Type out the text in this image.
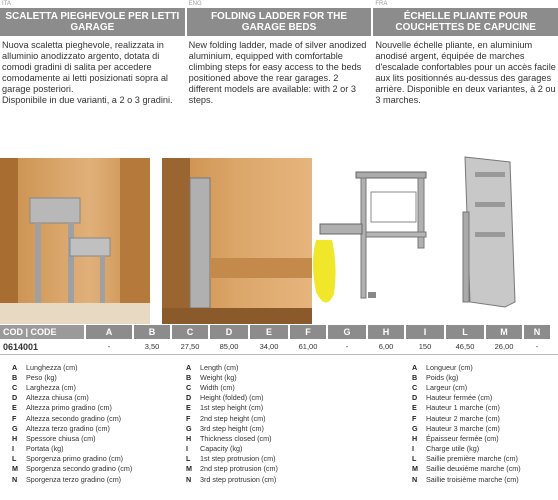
ITA
SCALETTA PIEGHEVOLE PER LETTI GARAGE

Nuova scaletta pieghevole, realizzata in alluminio anodizzato argento, dotata di comodi gradini di salita per accedere comodamente ai letti posizionati sopra al garage posteriori.

Disponibile in due varianti, a 2 o 3 gradini.

ENG
FOLDING LADDER FOR THE GARAGE BEDS

New folding ladder, made of silver anodized aluminium, equipped with comfortable climbing steps for easy access to the beds positioned above the rear garages. 2 different models are available: with 2 or 3 steps.

FRA
ÉCHELLE PLIANTE POUR COUCHETTES DE CAPUCINE

Nouvelle échelle pliante, en aluminium anodisé argent, équipée de marches d'escalade confortables pour un accès facile aux lits positionnés au-dessus des garages arrière. Disponible en deux variantes, à 2 ou 3 marches.

COD | CODE	A	B	C	D	E	F	G	H	I	L	M	N
0614001	-	3,50	27,50	85,00	34,00	61,00	-	6,00	150	46,50	26,00	-
A	Lunghezza (cm)
B	Peso (kg)
C	Larghezza (cm)
D	Altezza chiusa (cm)
E	Altezza primo gradino (cm)
F	Altezza secondo gradino (cm)
G	Altezza terzo gradino (cm)
H	Spessore chiusa (cm)
I	Portata (kg)
L	Sporgenza primo gradino (cm)
M	Sporgenza secondo gradino (cm)
N	Sporgenza terzo gradino (cm)
A	Length (cm)
B	Weight (kg)
C	Width (cm)
D	Height (folded) (cm)
E	1st step height (cm)
F	2nd step height (cm)
G	3rd step height (cm)
H	Thickness closed (cm)
I	Capacity (kg)
L	1st step protrusion (cm)
M	2nd step protrusion (cm)
N	3rd step protrusion (cm)
A	Longueur (cm)
B	Poids (kg)
C	Largeur (cm)
D	Hauteur fermée (cm)
E	Hauteur 1 marche (cm)
F	Hauteur 2 marche (cm)
G	Hauteur 3 marche (cm)
H	Épaisseur fermée (cm)
I	Charge utile (kg)
L	Saillie première marche (cm)
M	Saillie deuxième marche (cm)
N	Saillie troisième marche (cm)
